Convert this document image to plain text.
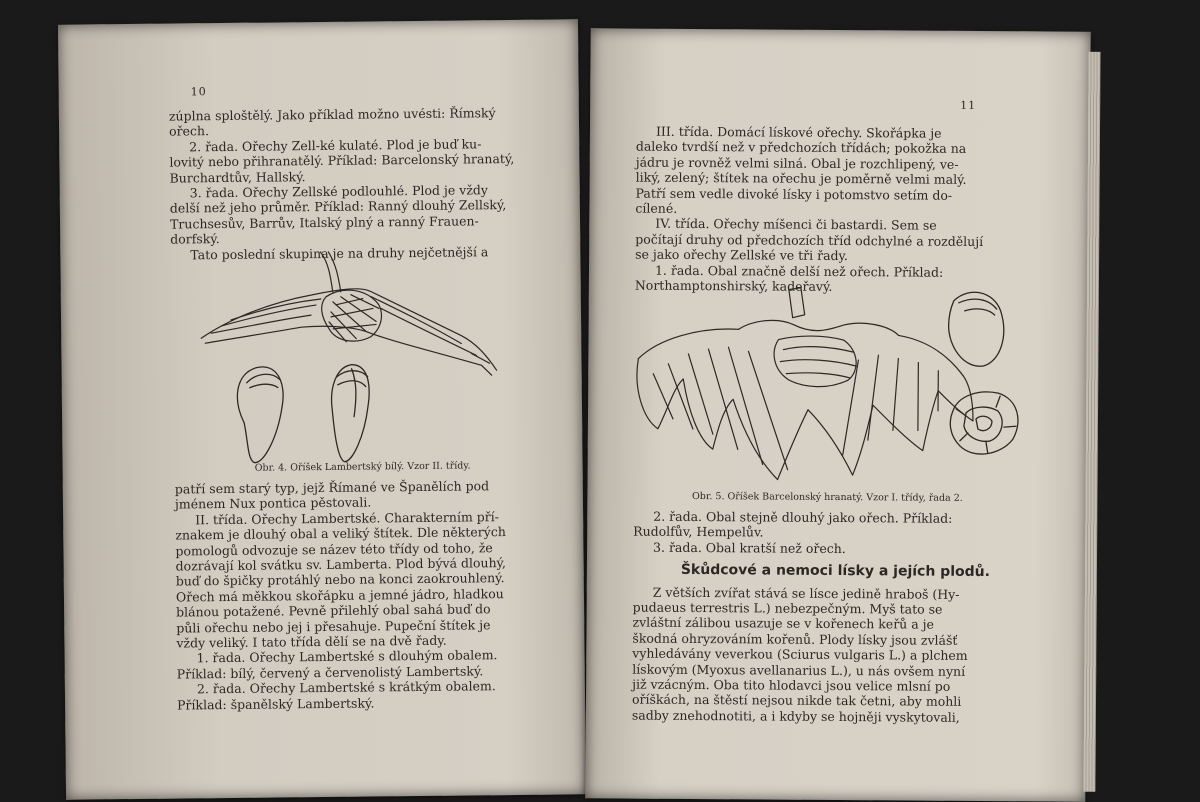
10

zúplna sploštělý. Jako příklad možno uvésti: Římský

ořech.

2. řada. Ořechy Zell-ké kulaté. Plod je buď ku-

lovitý nebo přihranatělý. Příklad: Barcelonský hranatý,

Burchardtův, Hallský.

3. řada. Ořechy Zellské podlouhlé. Plod je vždy

delší než jeho průměr. Příklad: Ranný dlouhý Zellský,

Truchsesův, Barrův, Italský plný a ranný Frauen-

dorfský.

Tato poslední skupina je na druhy nejčetnější a

Obr. 4. Oříšek Lambertský bílý. Vzor II. třídy.

patří sem starý typ, jejž Římané ve Španělích pod

jménem Nux pontica pěstovali.

II. třída. Ořechy Lambertské. Charakterním pří-

znakem je dlouhý obal a veliký štítek. Dle některých

pomologů odvozuje se název této třídy od toho, že

dozrávají kol svátku sv. Lamberta. Plod bývá dlouhý,

buď do špičky protáhlý nebo na konci zaokrouhlený.

Ořech má měkkou skořápku a jemné jádro, hladkou

blánou potažené. Pevně přilehlý obal sahá buď do

půli ořechu nebo jej i přesahuje. Pupeční štítek je

vždy veliký. I tato třída dělí se na dvě řady.

1. řada. Ořechy Lambertské s dlouhým obalem.

Příklad: bílý, červený a červenolistý Lambertský.

2. řada. Ořechy Lambertské s krátkým obalem.

Příklad: španělský Lambertský.

11

III. třída. Domácí lískové ořechy. Skořápka je

daleko tvrdší než v předchozích třídách; pokožka na

jádru je rovněž velmi silná. Obal je rozchlipený, ve-

liký, zelený; štítek na ořechu je poměrně velmi malý.

Patří sem vedle divoké lísky i potomstvo setím do-

cílené.

IV. třída. Ořechy míšenci či bastardi. Sem se

počítají druhy od předchozích tříd odchylné a rozdělují

se jako ořechy Zellské ve tři řady.

1. řada. Obal značně delší než ořech. Příklad:

Northamptonshirský, kadeřavý.

Obr. 5. Oříšek Barcelonský hranatý. Vzor I. třídy, řada 2.

2. řada. Obal stejně dlouhý jako ořech. Příklad:

Rudolfův, Hempelův.

3. řada. Obal kratší než ořech.

Škůdcové a nemoci lísky a jejích plodů.

Z větších zvířat stává se lísce jedině hraboš (Hy-

pudaeus terrestris L.) nebezpečným. Myš tato se

zvláštní zálibou usazuje se v kořenech keřů a je

škodná ohryzováním kořenů. Plody lísky jsou zvlášť

vyhledávány veverkou (Sciurus vulgaris L.) a plchem

lískovým (Myoxus avellanarius L.), u nás ovšem nyní

již vzácným. Oba tito hlodavci jsou velice mlsní po

oříškách, na štěstí nejsou nikde tak četni, aby mohli

sadby znehodnotiti, a i kdyby se hojněji vyskytovali,
